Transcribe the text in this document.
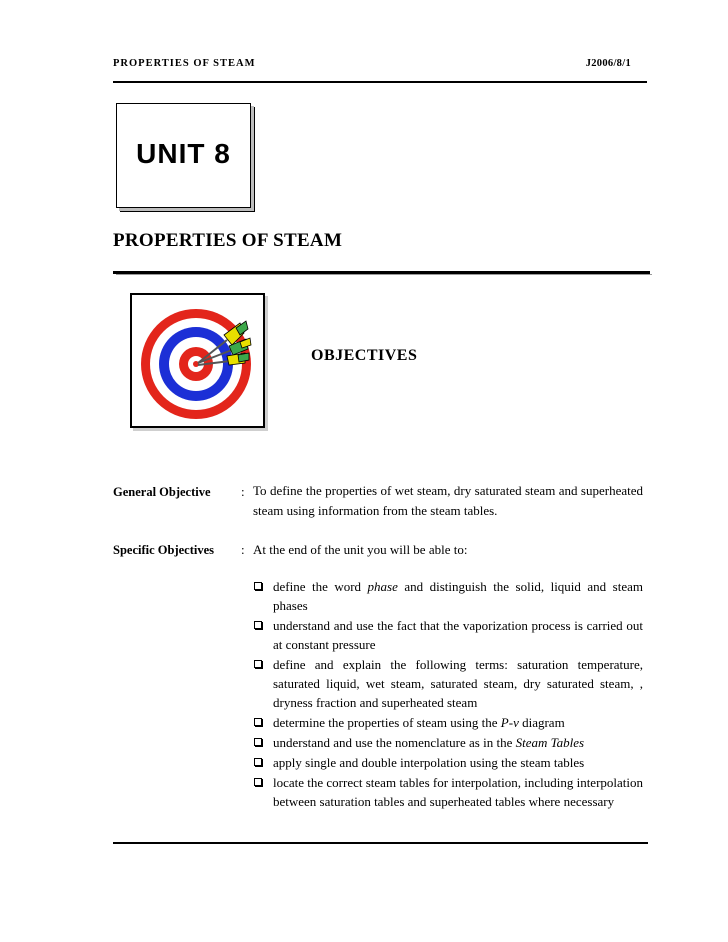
PROPERTIES OF STEAM	J2006/8/1
UNIT 8
PROPERTIES OF STEAM
OBJECTIVES
General Objective : To define the properties of wet steam, dry saturated steam and superheated steam using information from the steam tables.
Specific Objectives : At the end of the unit you will be able to:
define the word phase and distinguish the solid, liquid and steam phases
understand and use the fact that the vaporization process is carried out at constant pressure
define and explain the following terms: saturation temperature, saturated liquid, wet steam, saturated steam, dry saturated steam, , dryness fraction and superheated steam
determine the properties of steam using the P-v diagram
understand and use the nomenclature as in the Steam Tables
apply single and double interpolation using the steam tables
locate the correct steam tables for interpolation, including interpolation between saturation tables and superheated tables where necessary
